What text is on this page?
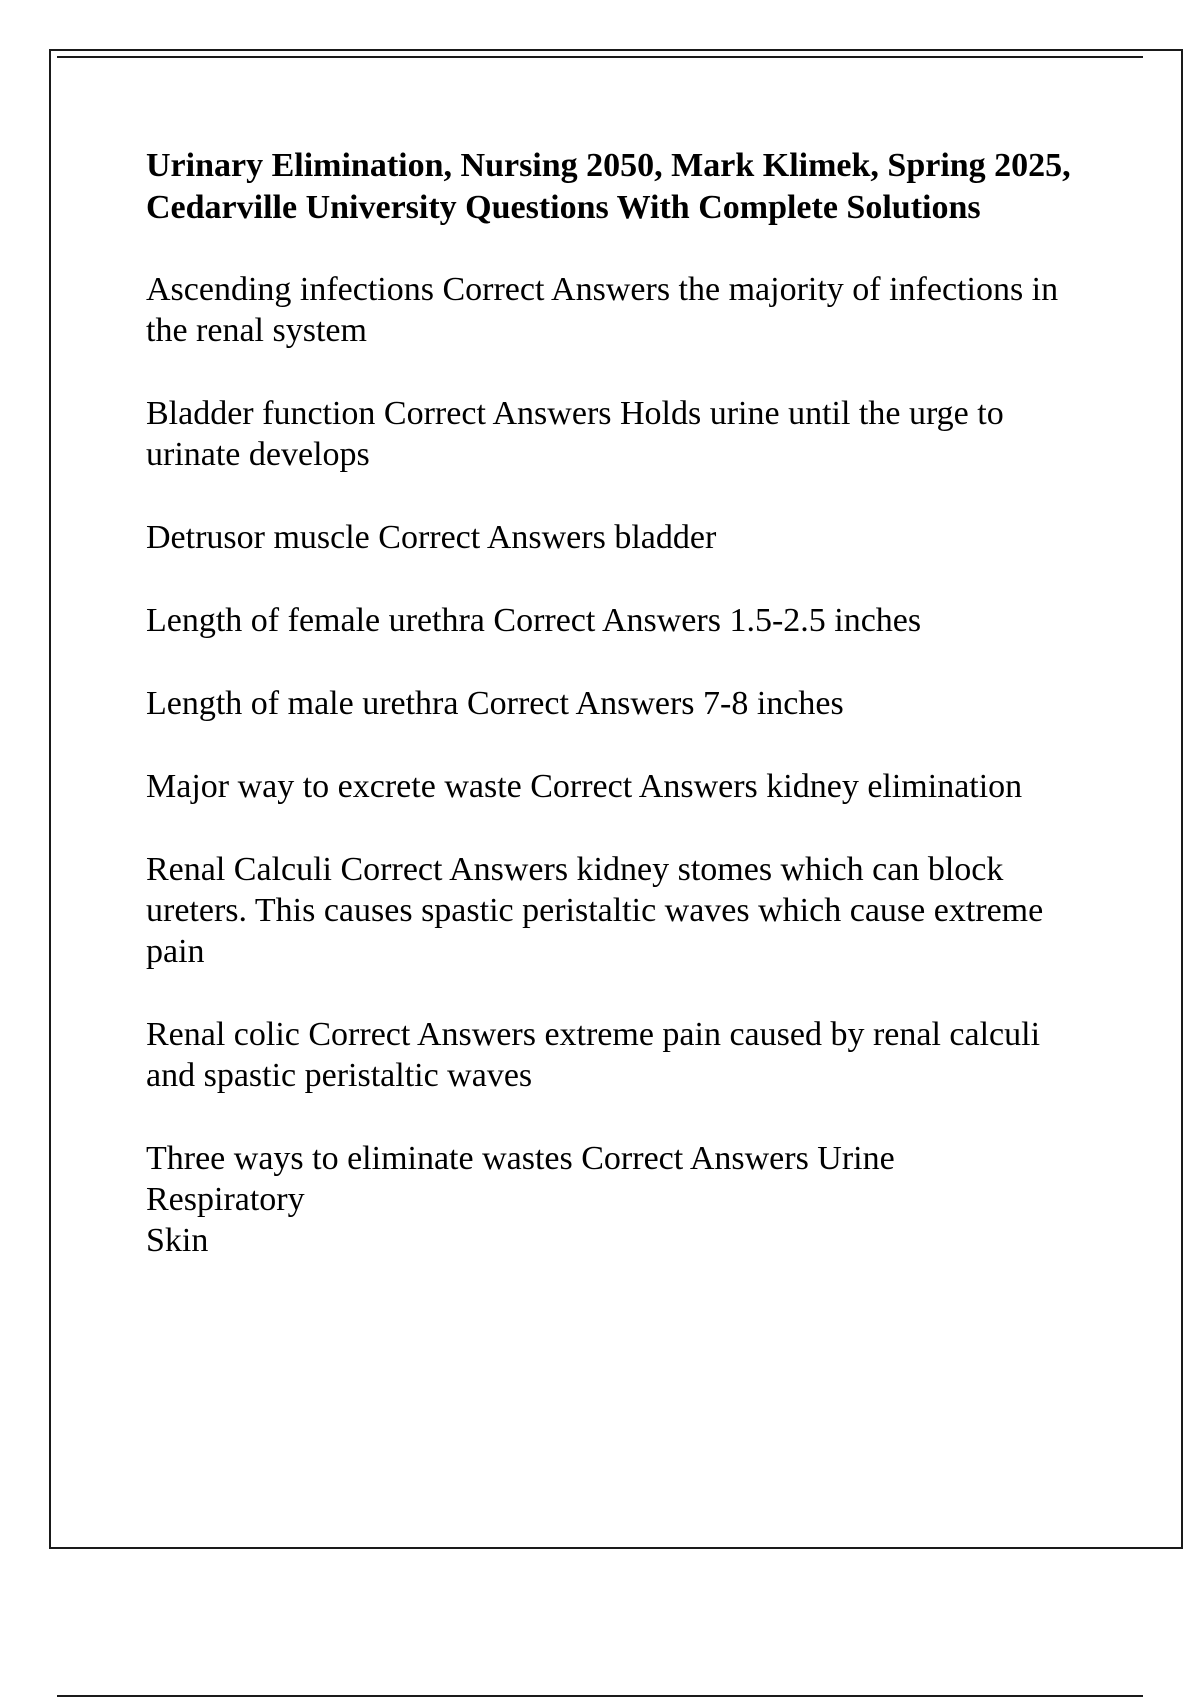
Urinary Elimination, Nursing 2050, Mark Klimek, Spring 2025, Cedarville University Questions With Complete Solutions
Ascending infections Correct Answers the majority of infections in the renal system
Bladder function Correct Answers Holds urine until the urge to urinate develops
Detrusor muscle Correct Answers bladder
Length of female urethra Correct Answers 1.5-2.5 inches
Length of male urethra Correct Answers 7-8 inches
Major way to excrete waste Correct Answers kidney elimination
Renal Calculi Correct Answers kidney stomes which can block ureters. This causes spastic peristaltic waves which cause extreme pain
Renal colic Correct Answers extreme pain caused by renal calculi and spastic peristaltic waves
Three ways to eliminate wastes Correct Answers Urine
Respiratory
Skin
